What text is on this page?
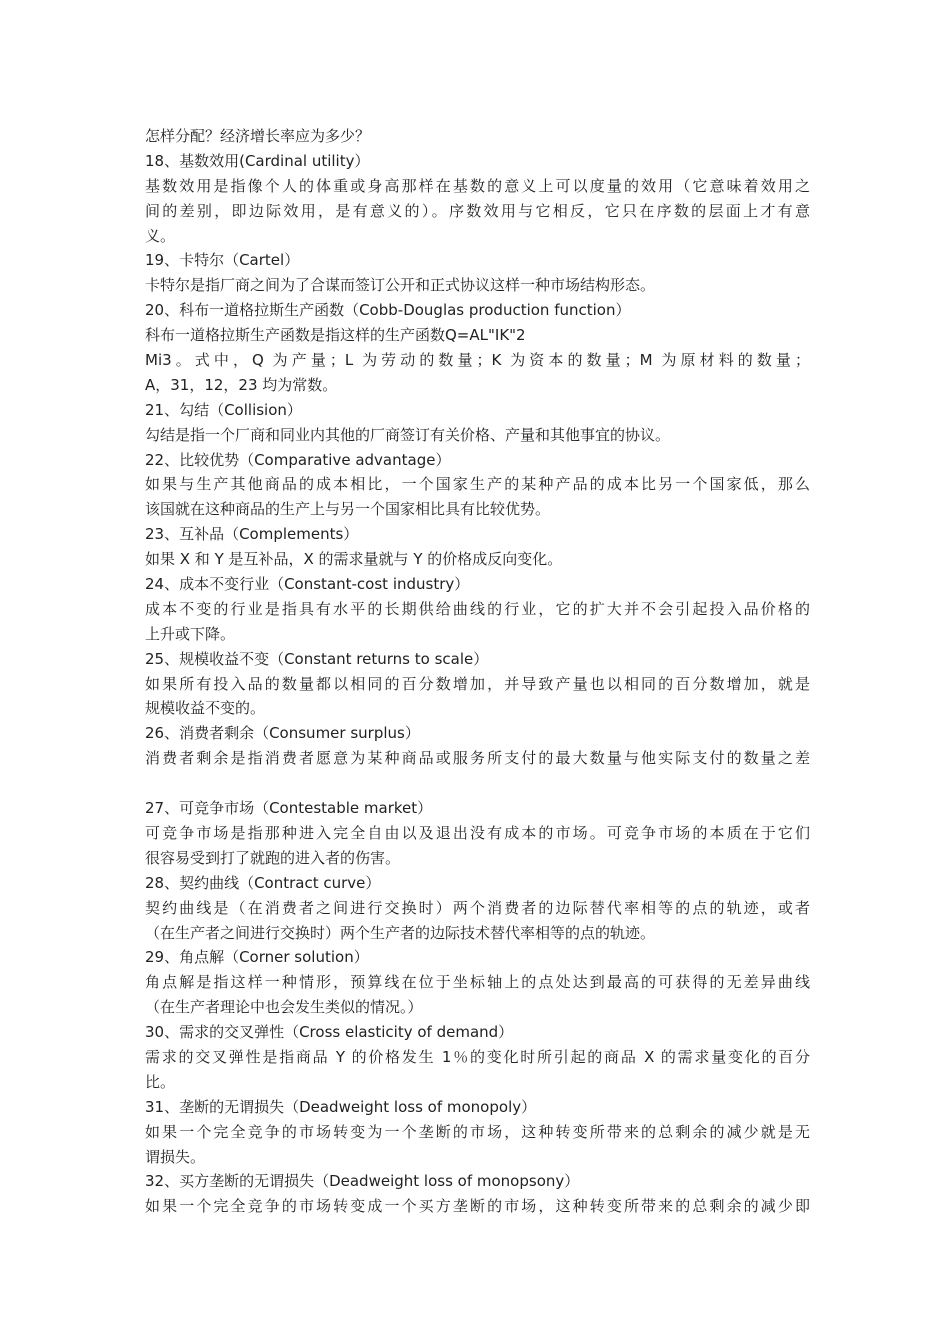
怎样分配？经济增长率应为多少？
18、基数效用(Cardinal utility）
基数效用是指像个人的体重或身高那样在基数的意义上可以度量的效用（它意味着效用之
间的差别，即边际效用，是有意义的）。序数效用与它相反，它只在序数的层面上才有意
义。
19、卡特尔（Cartel）
卡特尔是指厂商之间为了合谋而签订公开和正式协议这样一种市场结构形态。
20、科布一道格拉斯生产函数（Cobb-Douglas production function）
科布一道格拉斯生产函数是指这样的生产函数Q=AL"IK"2
Mi3。式中，Q 为产量；L 为劳动的数量；K 为资本的数量；M 为原材料的数量；
A，31，12，23 均为常数。
21、勾结（Collision）
勾结是指一个厂商和同业内其他的厂商签订有关价格、产量和其他事宜的协议。
22、比较优势（Comparative advantage）
如果与生产其他商品的成本相比，一个国家生产的某种产品的成本比另一个国家低，那么
该国就在这种商品的生产上与另一个国家相比具有比较优势。
23、互补品（Complements）
如果 X 和 Y 是互补品，X 的需求量就与 Y 的价格成反向变化。
24、成本不变行业（Constant-cost industry）
成本不变的行业是指具有水平的长期供给曲线的行业，它的扩大并不会引起投入品价格的
上升或下降。
25、规模收益不变（Constant returns to scale）
如果所有投入品的数量都以相同的百分数增加，并导致产量也以相同的百分数增加，就是
规模收益不变的。
26、消费者剩余（Consumer surplus）
消费者剩余是指消费者愿意为某种商品或服务所支付的最大数量与他实际支付的数量之差
27、可竞争市场（Contestable market）
可竞争市场是指那种进入完全自由以及退出没有成本的市场。可竞争市场的本质在于它们
很容易受到打了就跑的进入者的伤害。
28、契约曲线（Contract curve）
契约曲线是（在消费者之间进行交换时）两个消费者的边际替代率相等的点的轨迹，或者
（在生产者之间进行交换时）两个生产者的边际技术替代率相等的点的轨迹。
29、角点解（Corner solution）
角点解是指这样一种情形，预算线在位于坐标轴上的点处达到最高的可获得的无差异曲线
（在生产者理论中也会发生类似的情况。）
30、需求的交叉弹性（Cross elasticity of demand）
需求的交叉弹性是指商品 Y 的价格发生 1％的变化时所引起的商品 X 的需求量变化的百分
比。
31、垄断的无谓损失（Deadweight loss of monopoly）
如果一个完全竞争的市场转变为一个垄断的市场，这种转变所带来的总剩余的减少就是无
谓损失。
32、买方垄断的无谓损失（Deadweight loss of monopsony）
如果一个完全竞争的市场转变成一个买方垄断的市场，这种转变所带来的总剩余的减少即
